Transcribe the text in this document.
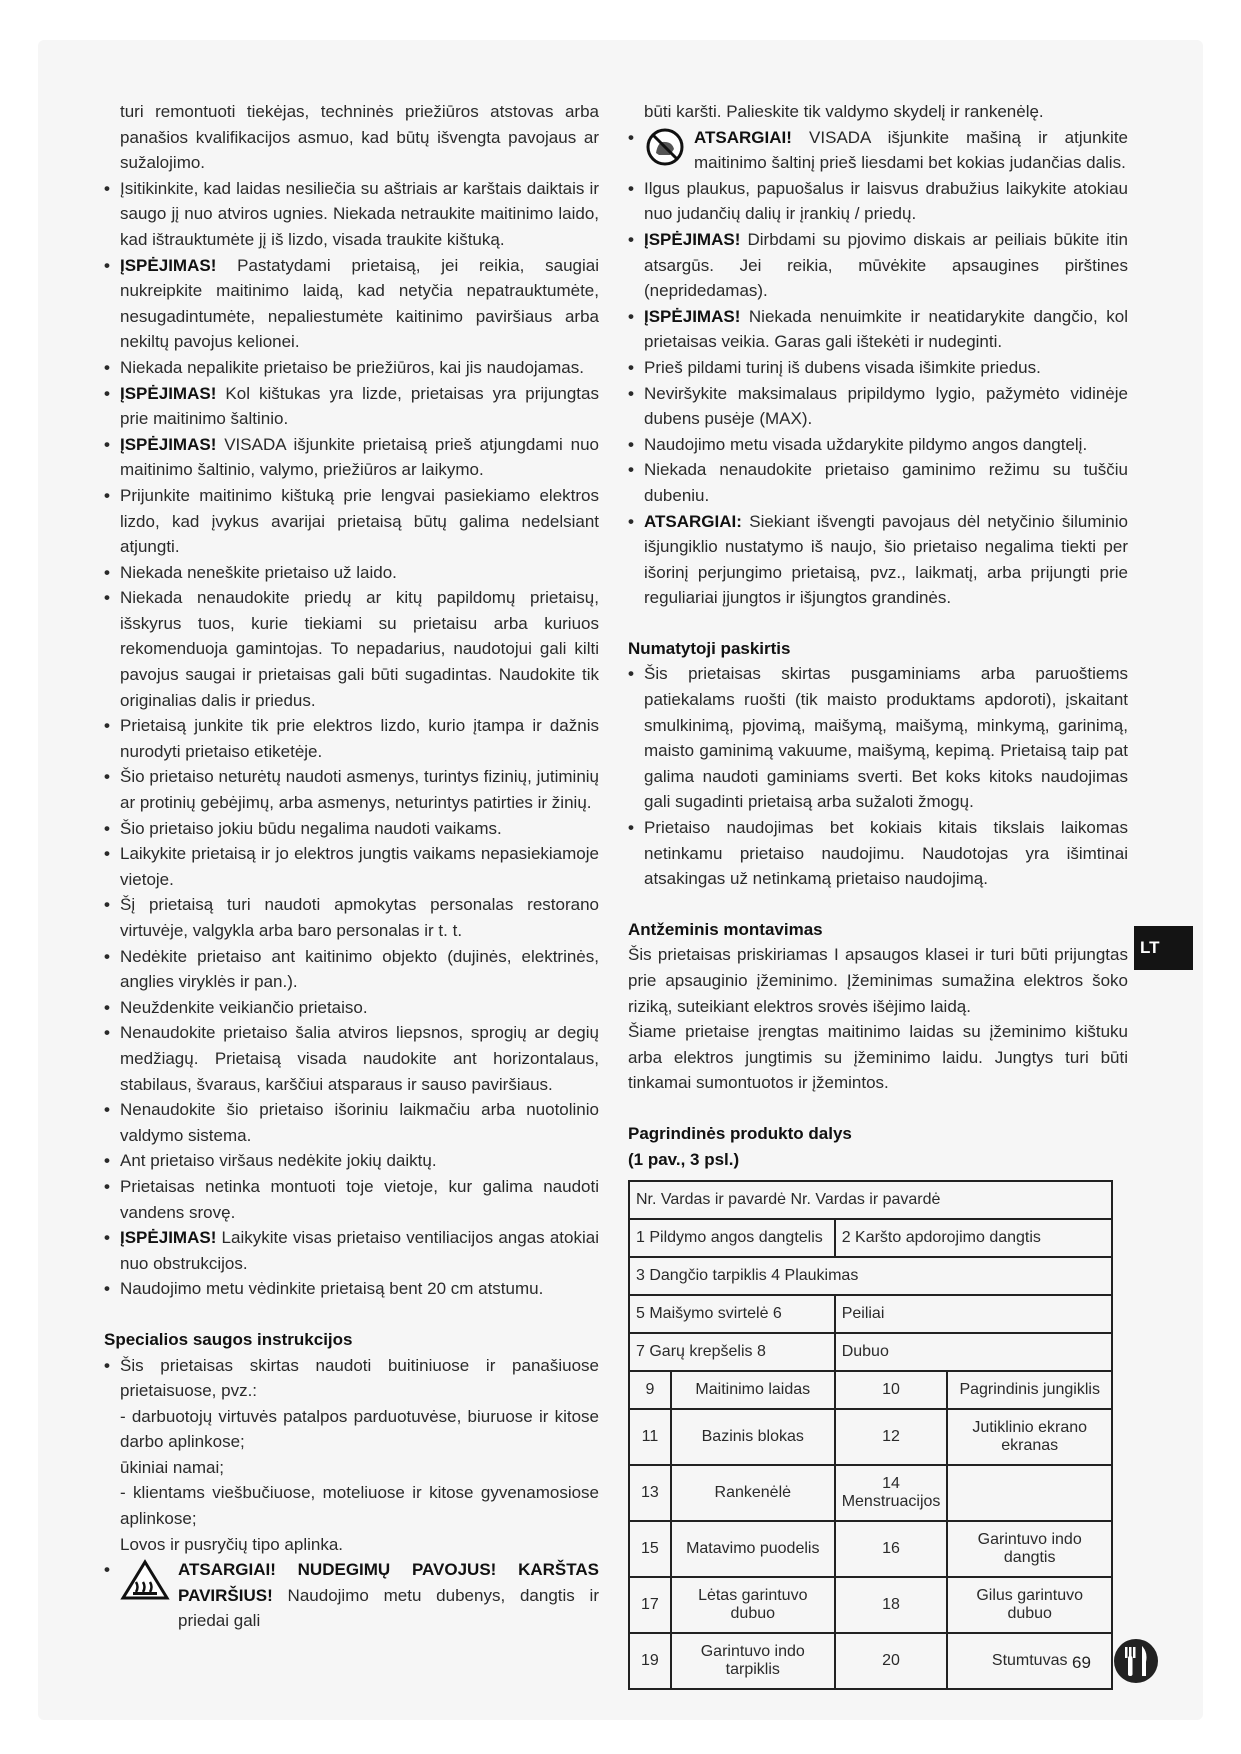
turi remontuoti tiekėjas, techninės priežiūros atstovas arba panašios kvalifikacijos asmuo, kad būtų išvengta pavojaus ar sužalojimo.

• Įsitikinkite, kad laidas nesiliečia su aštriais ar karštais daiktais ir saugo jį nuo atviros ugnies. Niekada netraukite maitinimo laido, kad ištrauktumėte jį iš lizdo, visada traukite kištuką.

• ĮSPĖJIMAS! Pastatydami prietaisą, jei reikia, saugiai nukreipkite maitinimo laidą, kad netyčia nepatrauktumėte, nesugadintumėte, nepaliestumėte kaitinimo paviršiaus arba nekiltų pavojus kelionei.

• Niekada nepalikite prietaiso be priežiūros, kai jis naudojamas.

• ĮSPĖJIMAS! Kol kištukas yra lizde, prietaisas yra prijungtas prie maitinimo šaltinio.

• ĮSPĖJIMAS! VISADA išjunkite prietaisą prieš atjungdami nuo maitinimo šaltinio, valymo, priežiūros ar laikymo.

• Prijunkite maitinimo kištuką prie lengvai pasiekiamo elektros lizdo, kad įvykus avarijai prietaisą būtų galima nedelsiant atjungti.

• Niekada neneškite prietaiso už laido.

• Niekada nenaudokite priedų ar kitų papildomų prietaisų, išskyrus tuos, kurie tiekiami su prietaisu arba kuriuos rekomenduoja gamintojas. To nepadarius, naudotojui gali kilti pavojus saugai ir prietaisas gali būti sugadintas. Naudokite tik originalias dalis ir priedus.

• Prietaisą junkite tik prie elektros lizdo, kurio įtampa ir dažnis nurodyti prietaiso etiketėje.

• Šio prietaiso neturėtų naudoti asmenys, turintys fizinių, jutiminių ar protinių gebėjimų, arba asmenys, neturintys patirties ir žinių.

• Šio prietaiso jokiu būdu negalima naudoti vaikams.

• Laikykite prietaisą ir jo elektros jungtis vaikams nepasiekiamoje vietoje.

• Šį prietaisą turi naudoti apmokytas personalas restorano virtuvėje, valgykla arba baro personalas ir t. t.

• Nedėkite prietaiso ant kaitinimo objekto (dujinės, elektrinės, anglies viryklės ir pan.).

• Neuždenkite veikiančio prietaiso.

• Nenaudokite prietaiso šalia atviros liepsnos, sprogių ar degių medžiagų. Prietaisą visada naudokite ant horizontalaus, stabilaus, švaraus, karščiui atsparaus ir sauso paviršiaus.

• Nenaudokite šio prietaiso išoriniu laikmačiu arba nuotolinio valdymo sistema.

• Ant prietaiso viršaus nedėkite jokių daiktų.

• Prietaisas netinka montuoti toje vietoje, kur galima naudoti vandens srovę.

• ĮSPĖJIMAS! Laikykite visas prietaiso ventiliacijos angas atokiai nuo obstrukcijos.

• Naudojimo metu vėdinkite prietaisą bent 20 cm atstumu.

Specialios saugos instrukcijos

• Šis prietaisas skirtas naudoti buitiniuose ir panašiuose prietaisuose, pvz.:

- darbuotojų virtuvės patalpos parduotuvėse, biuruose ir kitose darbo aplinkose;

ūkiniai namai;

- klientams viešbučiuose, moteliuose ir kitose gyvenamosiose aplinkose;

Lovos ir pusryčių tipo aplinka.

• ATSARGIAI! NUDEGIMŲ PAVOJUS! KARŠTAS PAVIRŠIUS! Naudojimo metu dubenys, dangtis ir priedai gali

būti karšti. Palieskite tik valdymo skydelį ir rankenėlę.

• ATSARGIAI! VISADA išjunkite mašiną ir atjunkite maitinimo šaltinį prieš liesdami bet kokias judančias dalis.

• Ilgus plaukus, papuošalus ir laisvus drabužius laikykite atokiau nuo judančių dalių ir įrankių / priedų.

• ĮSPĖJIMAS! Dirbdami su pjovimo diskais ar peiliais būkite itin atsargūs. Jei reikia, mūvėkite apsaugines pirštines (nepridedamas).

• ĮSPĖJIMAS! Niekada nenuimkite ir neatidarykite dangčio, kol prietaisas veikia. Garas gali ištekėti ir nudeginti.

• Prieš pildami turinį iš dubens visada išimkite priedus.

• Neviršykite maksimalaus pripildymo lygio, pažymėto vidinėje dubens pusėje (MAX).

• Naudojimo metu visada uždarykite pildymo angos dangtelį.

• Niekada nenaudokite prietaiso gaminimo režimu su tuščiu dubeniu.

• ATSARGIAI: Siekiant išvengti pavojaus dėl netyčinio šiluminio išjungiklio nustatymo iš naujo, šio prietaiso negalima tiekti per išorinį perjungimo prietaisą, pvz., laikmatį, arba prijungti prie reguliariai įjungtos ir išjungtos grandinės.

Numatytoji paskirtis

• Šis prietaisas skirtas pusgaminiams arba paruoštiems patiekalams ruošti (tik maisto produktams apdoroti), įskaitant smulkinimą, pjovimą, maišymą, maišymą, minkymą, garinimą, maisto gaminimą vakuume, maišymą, kepimą. Prietaisą taip pat galima naudoti gaminiams sverti. Bet koks kitoks naudojimas gali sugadinti prietaisą arba sužaloti žmogų.

• Prietaiso naudojimas bet kokiais kitais tikslais laikomas netinkamu prietaiso naudojimu. Naudotojas yra išimtinai atsakingas už netinkamą prietaiso naudojimą.

Antžeminis montavimas

Šis prietaisas priskiriamas I apsaugos klasei ir turi būti prijungtas prie apsauginio įžeminimo. Įžeminimas sumažina elektros šoko riziką, suteikiant elektros srovės išėjimo laidą.

Šiame prietaise įrengtas maitinimo laidas su įžeminimo kištuku arba elektros jungtimis su įžeminimo laidu. Jungtys turi būti tinkamai sumontuotos ir įžemintos.

Pagrindinės produkto dalys
(1 pav., 3 psl.)
Nr. Vardas ir pavardė Nr. Vardas ir pavardė			
1 Pildymo angos dangtelis		2 Karšto apdorojimo dangtis	
3 Dangčio tarpiklis 4 Plaukimas			
5 Maišymo svirtelė 6		Peiliai	
7 Garų krepšelis 8		Dubuo	
9	Maitinimo laidas	10	Pagrindinis jungiklis
11	Bazinis blokas	12	Jutiklinio ekrano ekranas
13	Rankenėlė	14 Menstruacijos	
15	Matavimo puodelis	16	Garintuvo indo dangtis
17	Lėtas garintuvo dubuo	18	Gilus garintuvo dubuo
19	Garintuvo indo tarpiklis	20	Stumtuvas
LT
69
